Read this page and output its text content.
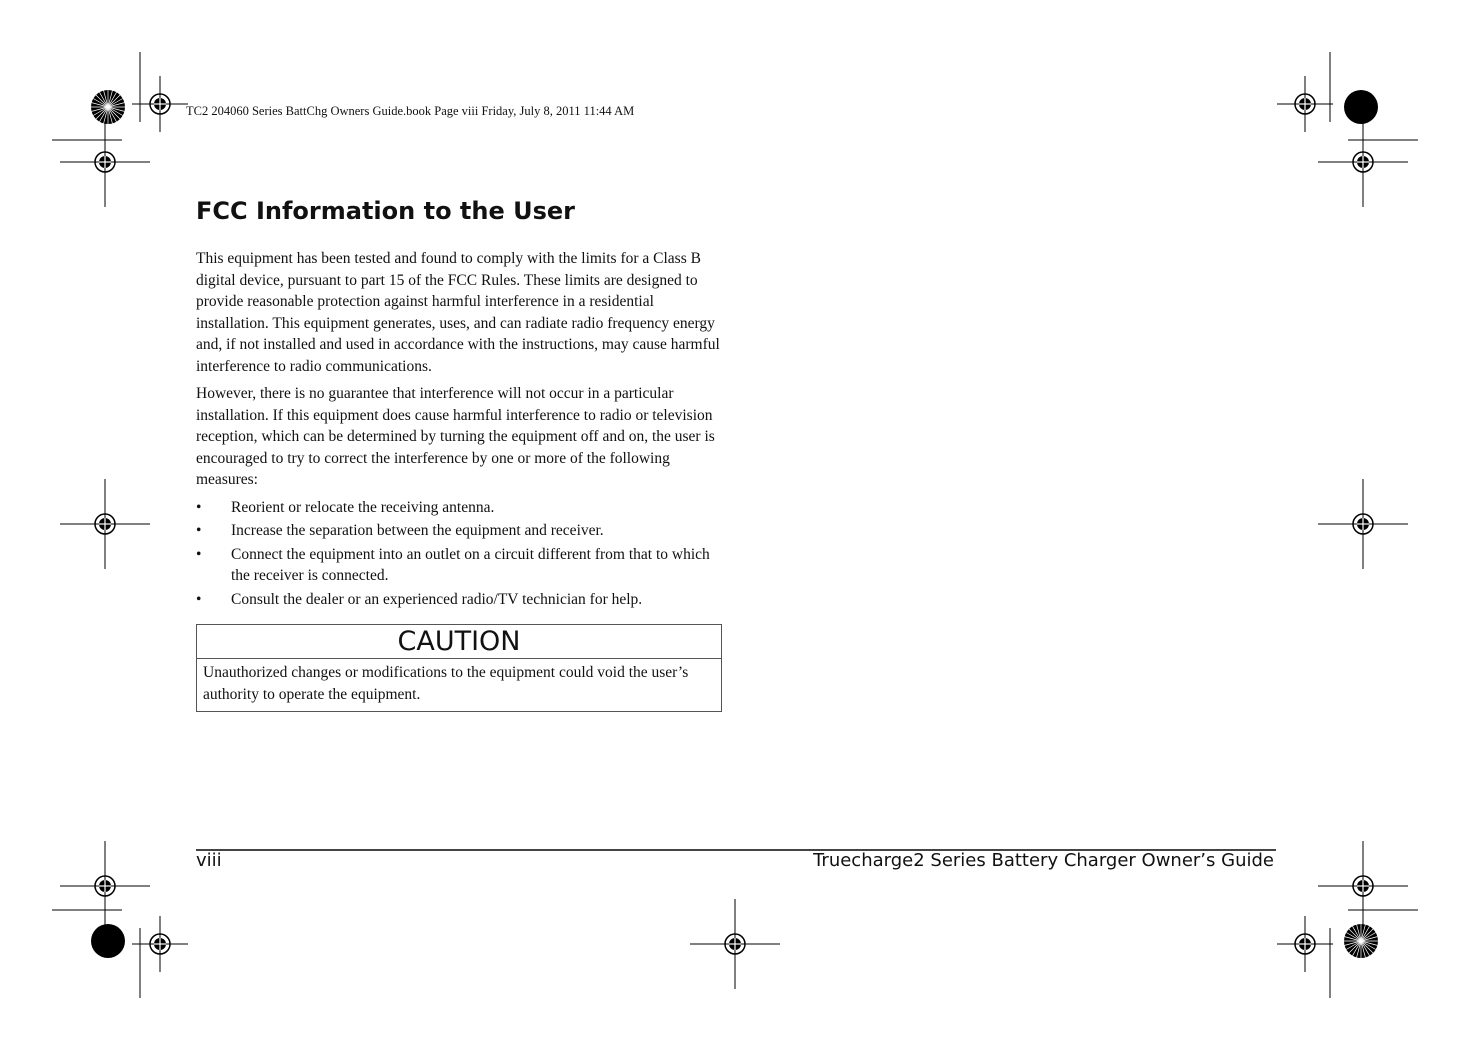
TC2 204060 Series BattChg Owners Guide.book Page viii Friday, July 8, 2011 11:44 AM
FCC Information to the User

This equipment has been tested and found to comply with the limits for a Class B digital device, pursuant to part 15 of the FCC Rules. These limits are designed to provide reasonable protection against harmful interference in a residential installation. This equipment generates, uses, and can radiate radio frequency energy and, if not installed and used in accordance with the instructions, may cause harmful interference to radio communications.

However, there is no guarantee that interference will not occur in a particular installation. If this equipment does cause harmful interference to radio or television reception, which can be determined by turning the equipment off and on, the user is encouraged to try to correct the interference by one or more of the following measures:

• Reorient or relocate the receiving antenna.
• Increase the separation between the equipment and receiver.
• Connect the equipment into an outlet on a circuit different from that to which the receiver is connected.
• Consult the dealer or an experienced radio/TV technician for help.
CAUTION
Unauthorized changes or modifications to the equipment could void the user’s authority to operate the equipment.
viii	Truecharge2 Series Battery Charger Owner’s Guide
